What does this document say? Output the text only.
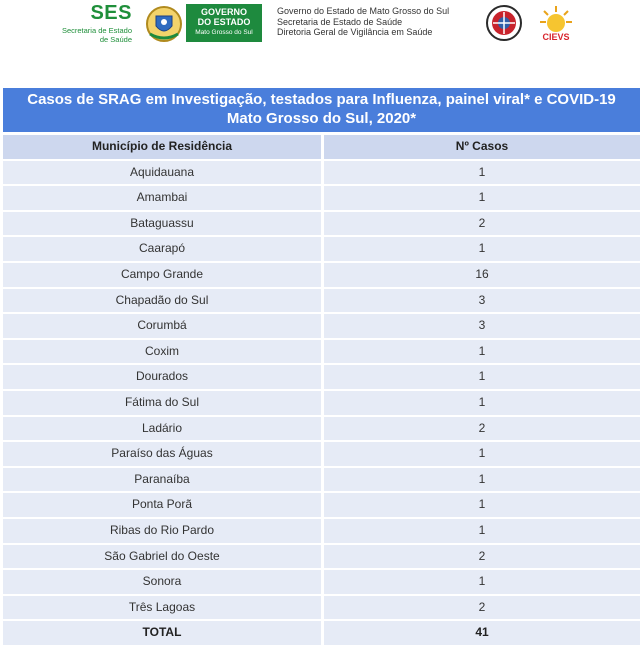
SES
Secretaria de Estado
de Saúde
GOVERNO
DO ESTADO
Mato Grosso do Sul
Governo do Estado de Mato Grosso do Sul
Secretaria de Estado de Saúde
Diretoria Geral de Vigilância em Saúde	CIEVS
Casos de SRAG em Investigação, testados para Influenza, painel viral* e COVID-19
Mato Grosso do Sul, 2020*
Município de Residência	Nº Casos
Aquidauana	1
Amambai	1
Bataguassu	2
Caarapó	1
Campo Grande	16
Chapadão do Sul	3
Corumbá	3
Coxim	1
Dourados	1
Fátima do Sul	1
Ladário	2
Paraíso das Águas	1
Paranaíba	1
Ponta Porã	1
Ribas do Rio Pardo	1
São Gabriel do Oeste	2
Sonora	1
Três Lagoas	2
TOTAL	41
